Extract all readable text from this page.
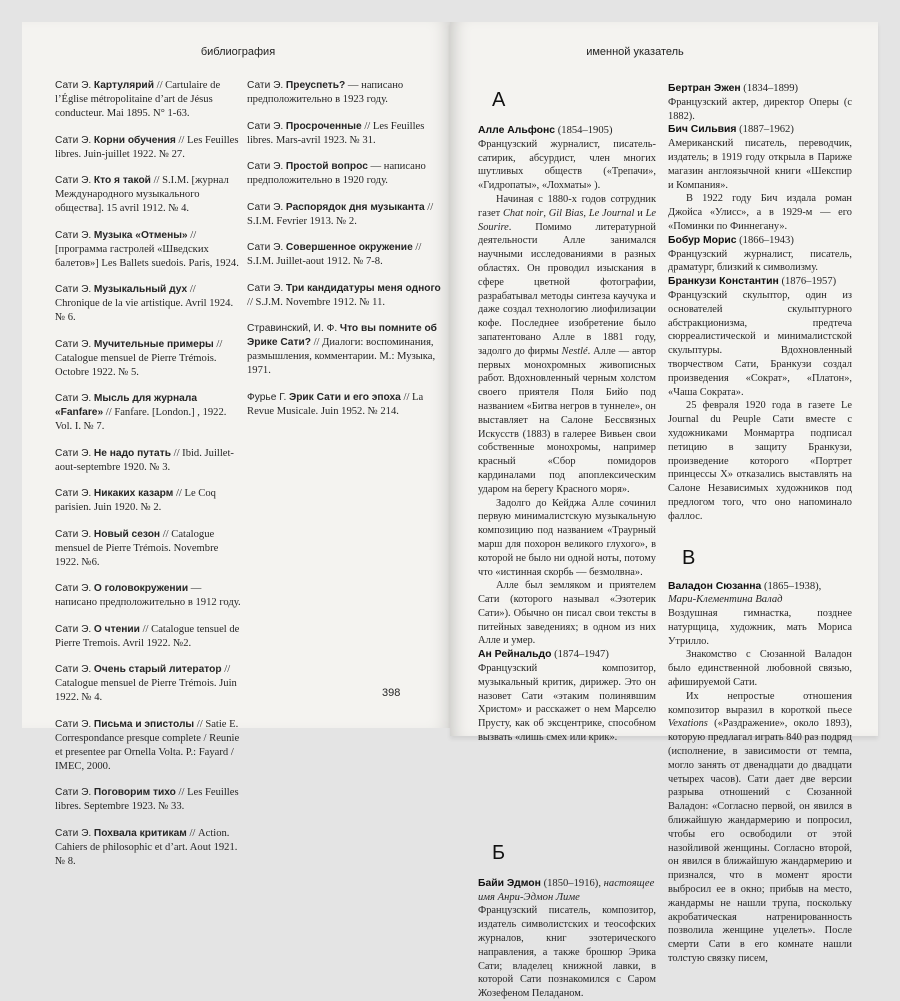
библиография
Сати Э. Картулярий // Cartulaire de l’Église métropolitaine d’art de Jésus conducteur. Mai 1895. N° 1-63.
Сати Э. Корни обучения // Les Feuilles libres. Juin-juillet 1922. № 27.
Сати Э. Кто я такой // S.I.M. [журнал Международного музыкального общества]. 15 avril 1912. № 4.
Сати Э. Музыка «Отмены» // [программа гастролей «Шведских балетов»] Les Ballets suedois. Paris, 1924.
Сати Э. Музыкальный дух // Chronique de la vie artistique. Avril 1924. № 6.
Сати Э. Мучительные примеры // Catalogue mensuel de Pierre Trémois. Octobre 1922. № 5.
Сати Э. Мысль для журнала «Fanfare» // Fanfare. [London.] , 1922. Vol. I. № 7.
Сати Э. Не надо путать // Ibid. Juillet-aout-septembre 1920. № 3.
Сати Э. Никаких казарм // Le Coq parisien. Juin 1920. № 2.
Сати Э. Новый сезон // Catalogue mensuel de Pierre Trémois. Novembre 1922. №6.
Сати Э. О головокружении — написано предположительно в 1912 году.
Сати Э. О чтении // Catalogue tensuel de Pierre Tremois. Avril 1922. №2.
Сати Э. Очень старый литератор // Catalogue mensuel de Pierre Trémois. Juin 1922. № 4.
Сати Э. Письма и эпистолы // Satie E. Correspondance presque complete / Reunie et presentee par Ornella Volta. P.: Fayard / IMEC, 2000.
Сати Э. Поговорим тихо // Les Feuilles libres. Septembre 1923. № 33.
Сати Э. Похвала критикам // Action. Cahiers de philosophic et d’art. Aout 1921. № 8.
Сати Э. Преуспеть? — написано предположительно в 1923 году.
Сати Э. Просроченные // Les Feuilles libres. Mars-avril 1923. № 31.
Сати Э. Простой вопрос — написано предположительно в 1920 году.
Сати Э. Распорядок дня музыканта // S.I.M. Fevrier 1913. № 2.
Сати Э. Совершенное окружение // S.I.M. Juillet-aout 1912. № 7-8.
Сати Э. Три кандидатуры меня одного // S.J.M. Novembre 1912. № 11.
Стравинский, И. Ф. Что вы помните об Эрике Сати? // Диалоги: воспоминания, размышления, комментарии. М.: Музыка, 1971.
Фурье Г. Эрик Сати и его эпоха // La Revue Musicale. Juin 1952. № 214.
398
именной указатель
А
Алле Альфонс (1854–1905)

Французский журналист, писатель-сатирик, абсурдист, член многих шутливых обществ («Трепачи», «Гидропаты», «Лохматы» ).

Начиная с 1880-х годов сотрудник газет Chat noir, Gil Bias, Le Journal и Le Sourire. Помимо литературной деятельности Алле занимался научными исследованиями в разных областях. Он проводил изыскания в сфере цветной фотографии, разрабатывал методы синтеза каучука и даже создал технологию лиофилизации кофе. Последнее изобретение было запатентовано Алле в 1881 году, задолго до фирмы Nestlé. Алле — автор первых монохромных живописных работ. Вдохновленный черным холстом своего приятеля Поля Бийо под названием «Битва негров в туннеле», он выставляет на Салоне Бессвязных Искусств (1883) в галерее Вивьен свои собственные монохромы, например красный «Сбор помидоров кардиналами под апоплексическим ударом на берегу Красного моря».

Задолго до Кейджа Алле сочинил первую минималистскую музыкальную композицию под названием «Траурный марш для похорон великого глухого», в которой не было ни одной ноты, потому что «истинная скорбь — безмолвна».

Алле был земляком и приятелем Сати (которого называл «Эзотерик Сати»). Обычно он писал свои тексты в питейных заведениях; в одном из них Алле и умер.

Ан Рейнальдо (1874–1947)

Французский композитор, музыкальный критик, дирижер. Это он назовет Сати «этаким полинявшим Христом» и расскажет о нем Марселю Прусту, как об эксцентрике, способном вызвать «лишь смех или крик».

Б
Байи Эдмон (1850–1916), настоящее имя Анри-Эдмон Лиме

Французский писатель, композитор, издатель символистских и теософских журналов, книг эзотерического направления, а также брошюр Эрика Сати; владелец книжной лавки, в которой Сати познакомился с Саром Жозефеном Пеладаном.

Бертран Эжен (1834–1899)

Французский актер, директор Оперы (с 1882).

Бич Сильвия (1887–1962)

Американский писатель, переводчик, издатель; в 1919 году открыла в Париже магазин англоязычной книги «Шекспир и Компания».

В 1922 году Бич издала роман Джойса «Улисс», а в 1929-м — его «Поминки по Финнегану».

Бобур Морис (1866–1943)

Французский журналист, писатель, драматург, близкий к символизму.

Бранкузи Константин (1876–1957)

Французский скульптор, один из основателей скульптурного абстракционизма, предтеча сюрреалистической и минималистской скульптуры. Вдохновленный творчеством Сати, Бранкузи создал произведения «Сократ», «Платон», «Чаша Сократа».

25 февраля 1920 года в газете Le Journal du Peuple Сати вместе с художниками Монмартра подписал петицию в защиту Бранкузи, произведение которого «Портрет принцессы Х» отказались выставлять на Салоне Независимых художников под предлогом того, что оно напоминало фаллос.

В
Валадон Сюзанна (1865–1938),
Мари-Клементина Валад

Воздушная гимнастка, позднее натурщица, художник, мать Мориса Утрилло.

Знакомство с Сюзанной Валадон было единственной любовной связью, афишируемой Сати.

Их непростые отношения композитор выразил в короткой пьесе Vexations («Раздражение», около 1893), которую предлагал играть 840 раз подряд (исполнение, в зависимости от темпа, могло занять от двенадцати до двадцати четырех часов). Сати дает две версии разрыва отношений с Сюзанной Валадон: «Согласно первой, он явился в ближайшую жандармерию и попросил, чтобы его освободили от этой назойливой женщины. Согласно второй, он явился в ближайшую жандармерию и признался, что в момент ярости выбросил ее в окно; прибыв на место, жандармы не нашли трупа, поскольку акробатическая натренированность позволила женщине уцелеть». После смерти Сати в его комнате нашли толстую связку писем,
